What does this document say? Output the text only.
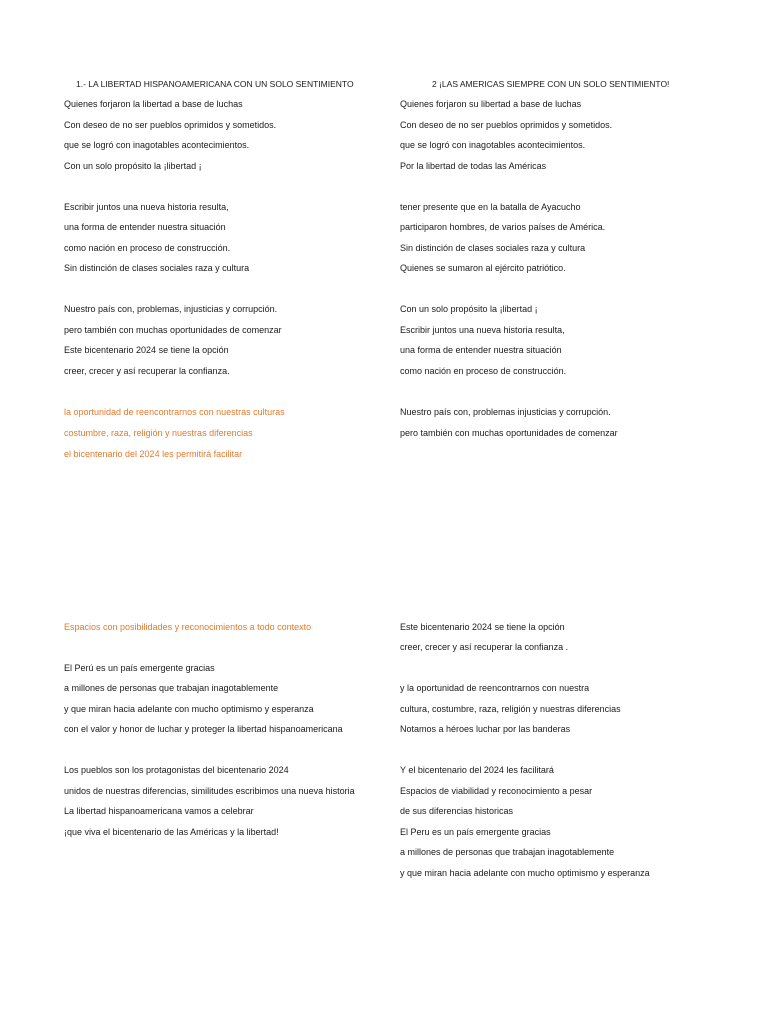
1.- LA LIBERTAD HISPANOAMERICANA CON UN SOLO SENTIMIENTO
Quienes forjaron la libertad a base de luchas
Con deseo de no ser pueblos oprimidos y sometidos.
que se logró con inagotables acontecimientos.
Con un solo propósito la ¡libertad ¡
Escribir juntos una nueva historia resulta,
una forma de entender nuestra situación
como nación en proceso de construcción.
Sin distinción de clases sociales raza y cultura
Nuestro país con, problemas, injusticias y corrupción.
pero también con muchas oportunidades de comenzar
Este bicentenario 2024 se tiene la opción
creer, crecer y así recuperar la confianza.
la oportunidad de reencontrarnos con nuestras culturas
costumbre, raza, religión y nuestras diferencias
el bicentenario del 2024 les permitirá facilitar
Espacios con posibilidades y reconocimientos a todo contexto
El Perú es un país emergente gracias
a millones de personas que trabajan inagotablemente
y que miran hacia adelante con mucho optimismo y esperanza
con el valor y honor de luchar y proteger la libertad hispanoamericana
Los pueblos son los protagonistas del bicentenario 2024
unidos de nuestras diferencias, similitudes escribimos una nueva historia
La libertad hispanoamericana vamos a celebrar
¡que viva el bicentenario de las Américas y la libertad!
2 ¡LAS AMERICAS SIEMPRE CON UN SOLO SENTIMIENTO!
Quienes forjaron su libertad a base de luchas
Con deseo de no ser pueblos oprimidos y sometidos.
que se logró con inagotables acontecimientos.
Por la libertad de todas las Américas
tener presente que en la batalla de Ayacucho
participaron hombres, de varios países de América.
Sin distinción de clases sociales raza y cultura
Quienes se sumaron al ejército patriótico.
Con un solo propósito la ¡libertad ¡
Escribir juntos una nueva historia resulta,
una forma de entender nuestra situación
como nación en proceso de construcción.
Nuestro país con, problemas injusticias y corrupción.
pero también con muchas oportunidades de comenzar
Este bicentenario 2024 se tiene la opción
creer, crecer y así recuperar la confianza .
y la oportunidad de reencontrarnos con nuestra
cultura, costumbre, raza, religión y nuestras diferencias
Notamos a héroes luchar por las banderas
Y el bicentenario del 2024 les facilitará
Espacios de viabilidad y reconocimiento a pesar
de sus diferencias historicas
El Peru es un país emergente gracias
a millones de personas que trabajan inagotablemente
y que miran hacia adelante con mucho optimismo y esperanza
